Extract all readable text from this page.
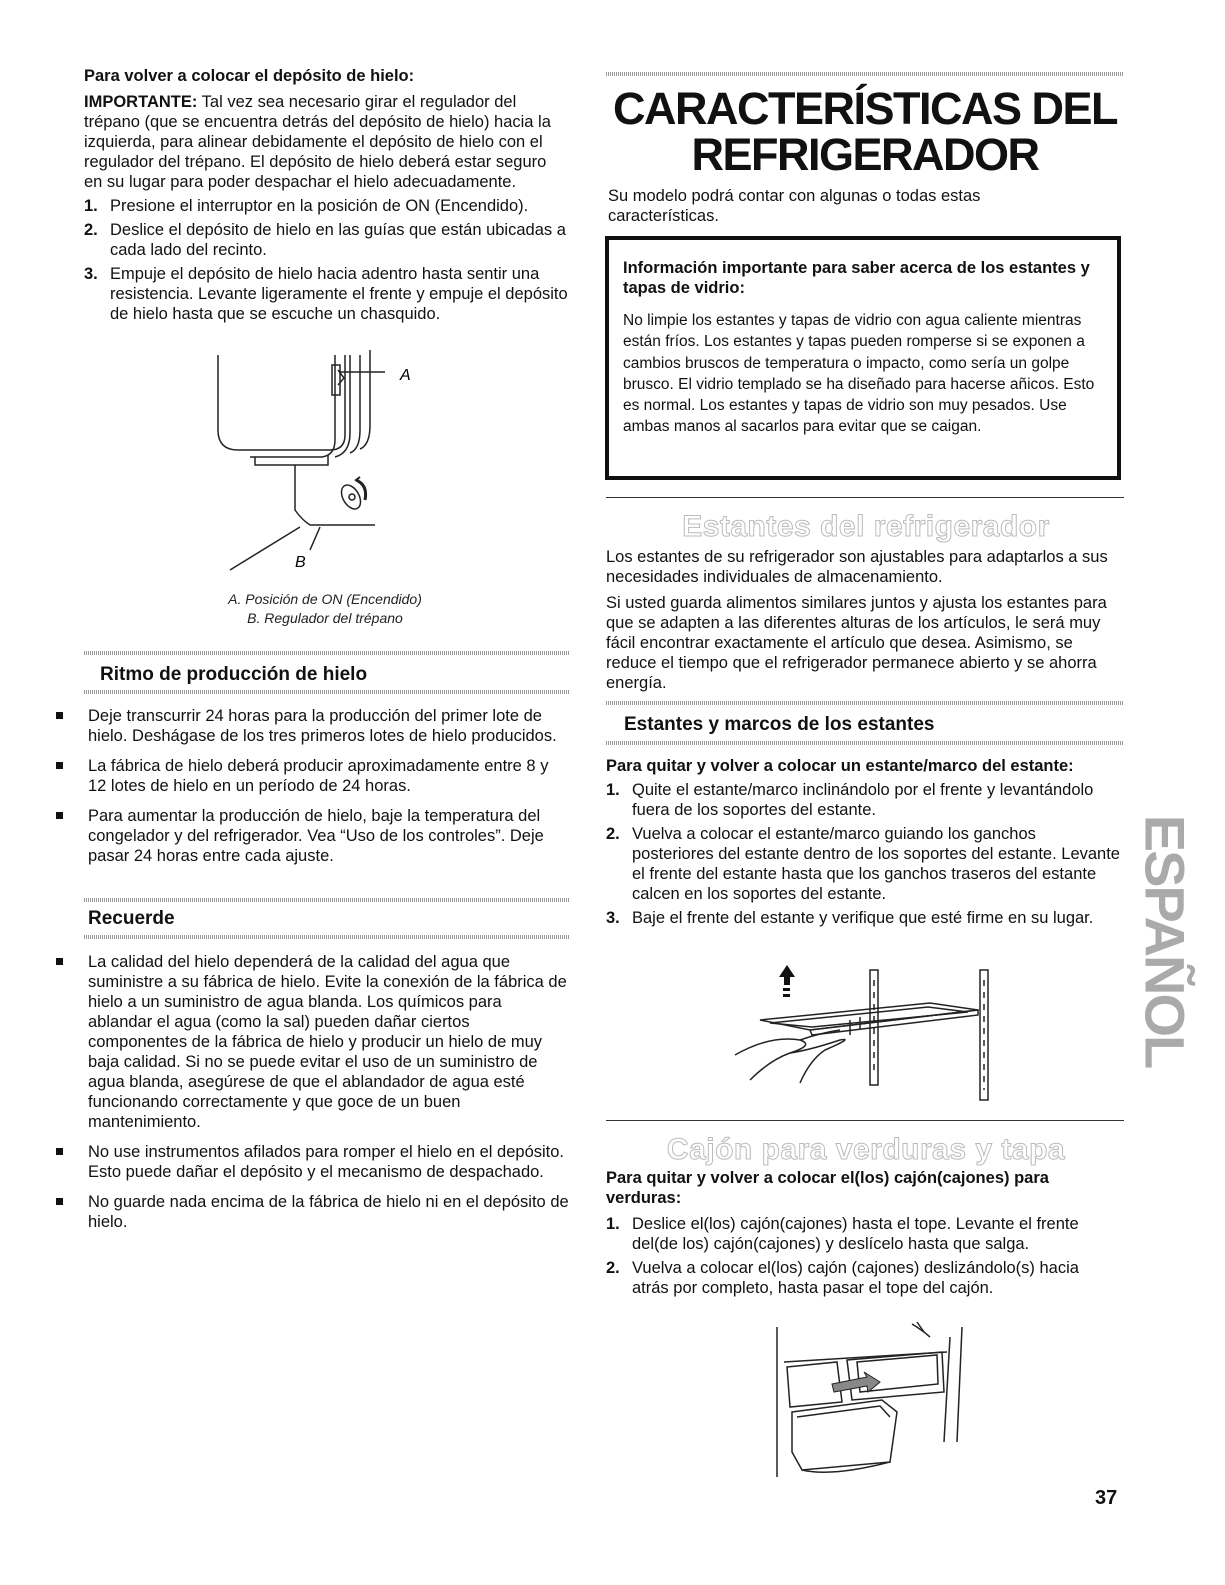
Para volver a colocar el depósito de hielo:

IMPORTANTE: Tal vez sea necesario girar el regulador del trépano (que se encuentra detrás del depósito de hielo) hacia la izquierda, para alinear debidamente el depósito de hielo con el regulador del trépano. El depósito de hielo deberá estar seguro en su lugar para poder despachar el hielo adecuadamente.

1. Presione el interruptor en la posición de ON (Encendido).
2. Deslice el depósito de hielo en las guías que están ubicadas a cada lado del recinto.
3. Empuje el depósito de hielo hacia adentro hasta sentir una resistencia. Levante ligeramente el frente y empuje el depósito de hielo hasta que se escuche un chasquido.
A
B

A. Posición de ON (Encendido)

B. Regulador del trépano

Ritmo de producción de hielo
Deje transcurrir 24 horas para la producción del primer lote de hielo. Deshágase de los tres primeros lotes de hielo producidos.
La fábrica de hielo deberá producir aproximadamente entre 8 y 12 lotes de hielo en un período de 24 horas.
Para aumentar la producción de hielo, baje la temperatura del congelador y del refrigerador. Vea “Uso de los controles”. Deje pasar 24 horas entre cada ajuste.
Recuerde
La calidad del hielo dependerá de la calidad del agua que suministre a su fábrica de hielo. Evite la conexión de la fábrica de hielo a un suministro de agua blanda. Los químicos para ablandar el agua (como la sal) pueden dañar ciertos componentes de la fábrica de hielo y producir un hielo de muy baja calidad. Si no se puede evitar el uso de un suministro de agua blanda, asegúrese de que el ablandador de agua esté funcionando correctamente y que goce de un buen mantenimiento.
No use instrumentos afilados para romper el hielo en el depósito. Esto puede dañar el depósito y el mecanismo de despachado.
No guarde nada encima de la fábrica de hielo ni en el depósito de hielo.
CARACTERÍSTICAS DEL
REFRIGERADOR

Su modelo podrá contar con algunas o todas estas características.

Información importante para saber acerca de los estantes y tapas de vidrio:

No limpie los estantes y tapas de vidrio con agua caliente mientras están fríos. Los estantes y tapas pueden romperse si se exponen a cambios bruscos de temperatura o impacto, como sería un golpe brusco. El vidrio templado se ha diseñado para hacerse añicos. Esto es normal. Los estantes y tapas de vidrio son muy pesados. Use ambas manos al sacarlos para evitar que se caigan.

Estantes del refrigerador

Los estantes de su refrigerador son ajustables para adaptarlos a sus necesidades individuales de almacenamiento.

Si usted guarda alimentos similares juntos y ajusta los estantes para que se adapten a las diferentes alturas de los artículos, le será muy fácil encontrar exactamente el artículo que desea. Asimismo, se reduce el tiempo que el refrigerador permanece abierto y se ahorra energía.

Estantes y marcos de los estantes

Para quitar y volver a colocar un estante/marco del estante:

1. Quite el estante/marco inclinándolo por el frente y levantándolo fuera de los soportes del estante.
2. Vuelva a colocar el estante/marco guiando los ganchos posteriores del estante dentro de los soportes del estante. Levante el frente del estante hasta que los ganchos traseros del estante calcen en los soportes del estante.
3. Baje el frente del estante y verifique que esté firme en su lugar.
Cajón para verduras y tapa

Para quitar y volver a colocar el(los) cajón(cajones) para verduras:

1. Deslice el(los) cajón(cajones) hasta el tope. Levante el frente del(de los) cajón(cajones) y deslícelo hasta que salga.
2. Vuelva a colocar el(los) cajón (cajones) deslizándolo(s) hacia atrás por completo, hasta pasar el tope del cajón.
ESPAÑOL
37
